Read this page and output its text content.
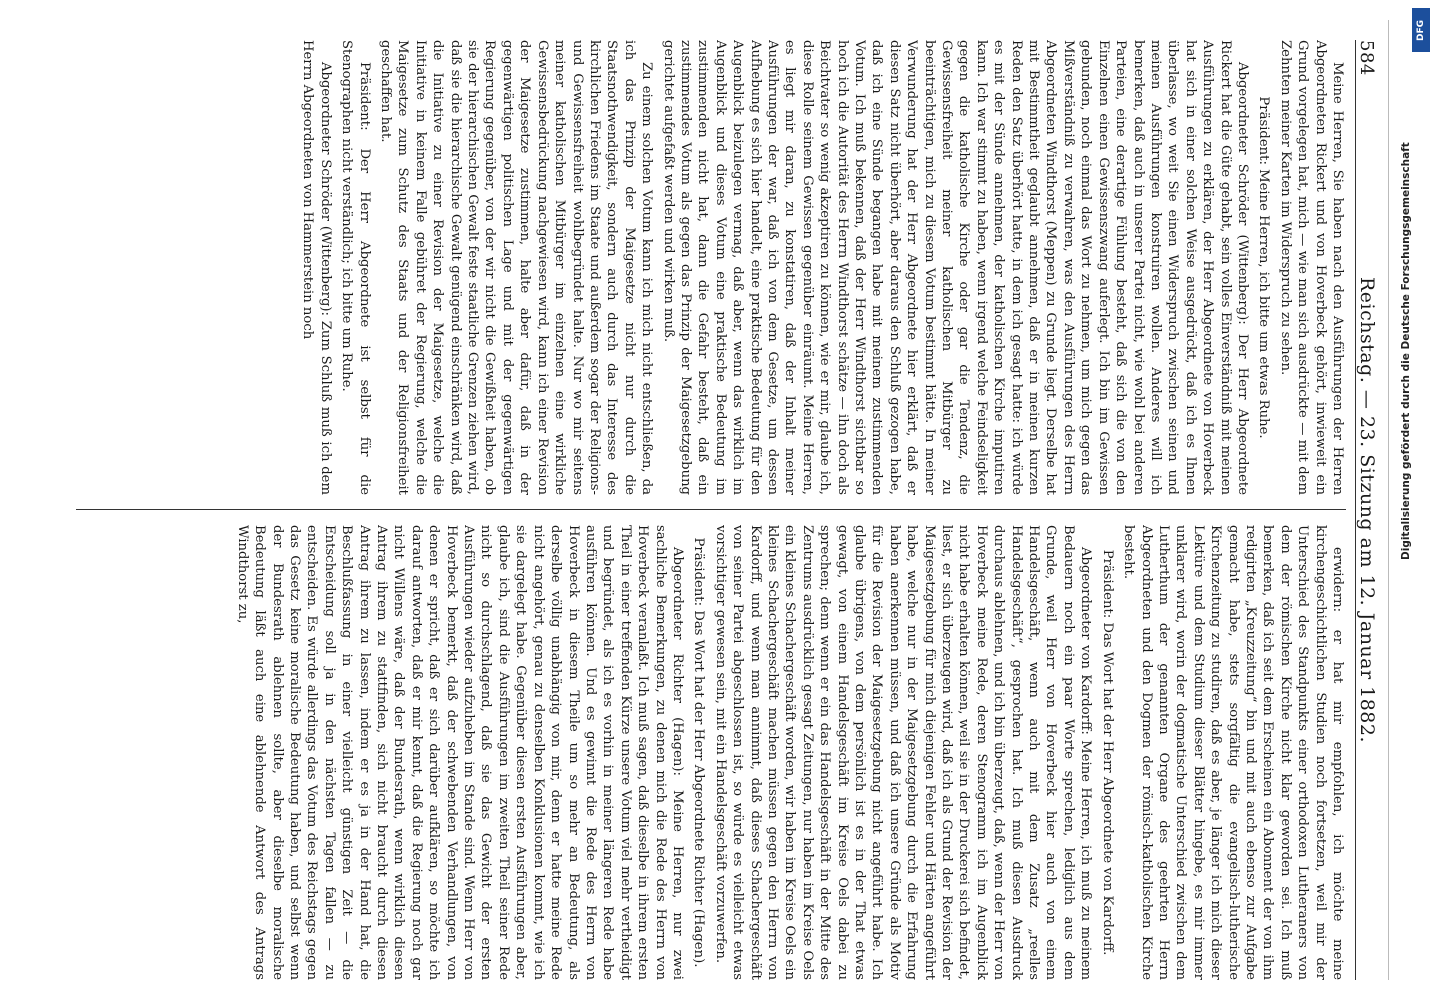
584
Reichstag. — 23. Sitzung am 12. Januar 1882.

Meine Herren, Sie haben nach den Ausführungen der Herren Abgeordneten Rickert und von Hoverbeck gehört, inwieweit ein Grund vorgelegen hat, mich — wie man sich ausdrückte — mit dem Zehnten meiner Karten im Widerspruch zu sehen.

Präsident: Meine Herren, ich bitte um etwas Ruhe.

Abgeordneter Schröder (Wittenberg): Der Herr Abgeordnete Rickert hat die Güte gehabt, sein volles Einverständniß mit meinen Ausführungen zu erklären, der Herr Abgeordnete von Hoverbeck hat sich in einer solchen Weise ausgedrückt, daß ich es Ihnen überlasse, wo weit Sie einen Widerspruch zwischen seinen und meinen Ausführungen konstruiren wollen. Anderes will ich bemerken, daß auch in unserer Partei nicht, wie wohl bei anderen Parteien, eine derartige Fühlung besteht, daß sich die von den Einzelnen einen Gewissenszwang auferlegt. Ich bin im Gewissen gebunden, noch einmal das Wort zu nehmen, um mich gegen das Mißverständniß zu verwahren, was den Ausführungen des Herrn Abgeordneten Windthorst (Meppen) zu Grunde liegt. Derselbe hat mit Bestimmtheit geglaubt annehmen, daß er in meinen kurzen Reden den Satz überhört hatte, in dem ich gesagt hatte: ich würde es mit der Sünde annehmen, der katholischen Kirche imputiren kann. Ich war stimmt zu haben, wenn irgend welche Feindseligkeit gegen die katholische Kirche oder gar die Tendenz, die Gewissensfreiheit meiner katholischen Mitbürger zu beeinträchtigen, mich zu diesem Votum bestimmt hätte. In meiner Verwunderung hat der Herr Abgeordnete hier erklärt, daß er diesen Satz nicht überhört, aber daraus den Schluß gezogen habe, daß ich eine Sünde begangen habe mit meinem zustimmenden Votum. Ich muß bekennen, daß der Herr Windthorst sichtbar so hoch ich die Autorität des Herrn Windthorst schätze — ihn doch als Beichtvater so wenig akzeptiren zu können, wie er mir, glaube ich, diese Rolle seinem Gewissen gegenüber einräumt. Meine Herren, es liegt mir daran, zu konstatiren, daß der Inhalt meiner Ausführungen der war, daß ich von dem Gesetze, um dessen Aufhebung es sich hier handelt, eine praktische Bedeutung für den Augenblick beizulegen vermag, daß aber, wenn das wirklich im Augenblick und dieses Votum eine praktische Bedeutung im zustimmenden nicht hat, dann die Gefahr besteht, daß ein zustimmendes Votum als gegen das Prinzip der Maigesetzgebung gerichtet aufgefaßt werden und wirken muß.

Zu einem solchen Votum kann ich mich nicht entschließen, da ich das Prinzip der Maigesetze nicht nur durch die Staatsnothwendigkeit, sondern auch durch das Interesse des kirchlichen Friedens im Staate und außerdem sogar der Religions- und Gewissensfreiheit wohlbegründet halte. Nur wo mir seitens meiner katholischen Mitbürger im einzelnen eine wirkliche Gewissensbedrückung nachgewiesen wird, kann ich einer Revision der Maigesetze zustimmen, halte aber dafür, daß in der gegenwärtigen politischen Lage und mit der gegenwärtigen Regierung gegenüber, von der wir nicht die Gewißheit haben, ob sie der hierarchischen Gewalt feste staatliche Grenzen ziehen wird, daß sie die hierarchische Gewalt genügend einschränken wird, daß die Initiative zu einer Revision der Maigesetze, welche die Initiative in keinem Falle gebühret der Regierung, welche die Maigesetze zum Schutz des Staats und der Religionsfreiheit geschaffen hat.

Präsident: Der Herr Abgeordnete ist selbst für die Stenographen nicht verständlich; ich bitte um Ruhe.

Abgeordneter Schröder (Wittenberg): Zum Schluß muß ich dem Herrn Abgeordneten von Hammerstein noch

erwidern: er hat mir empfohlen, ich möchte meine kirchengeschichtlichen Studien noch fortsetzen, weil mir der Unterschied des Standpunkts einer orthodoxen Lutheraners von dem der römischen Kirche nicht klar geworden sei. Ich muß bemerken, daß ich seit dem Erscheinen ein Abonnent der von ihm redigirten „Kreuzzeitung“ bin und mit auch ebenso zur Aufgabe gemacht habe, stets sorgfältig die evangelisch-lutherische Kirchenzeitung zu studiren, daß es aber, je länger ich mich dieser Lektüre und dem Studium dieser Blätter hingebe, es mir immer unklarer wird, worin der dogmatische Unterschied zwischen dem Lutherthum der genannten Organe des geehrten Herrn Abgeordneten und den Dogmen der römisch-katholischen Kirche besteht.

Präsident: Das Wort hat der Herr Abgeordnete von Kardorff.

Abgeordneter von Kardorff: Meine Herren, ich muß zu meinem Bedauern noch ein paar Worte sprechen, lediglich aus dem Grunde, weil Herr von Hoverbeck hier auch von einem Handelsgeschäft, wenn auch mit dem Zusatz „reelles Handelsgeschäft“, gesprochen hat. Ich muß diesen Ausdruck durchaus ablehnen, und ich bin überzeugt, daß, wenn der Herr von Hoverbeck meine Rede, deren Stenogramm ich im Augenblick nicht habe erhalten können, weil sie in der Druckerei sich befindet, liest, er sich überzeugen wird, daß ich als Grund der Revision der Maigesetzgebung für mich diejenigen Fehler und Härten angeführt habe, welche nur in der Maigesetzgebung durch die Erfahrung haben anerkennen müssen, und daß ich unsere Gründe als Motiv für die Revision der Maigesetzgebung nicht angeführt habe. Ich glaube übrigens, von dem persönlich ist es in der That etwas gewagt, von einem Handelsgeschäft im Kreise Oels dabei zu sprechen; denn wenn er ein das Handelsgeschäft in der Mitte des Zentrums ausdrücklich gesagt Zeitungen, nur haben im Kreise Oels ein kleines Schachergeschäft worden, wir haben im Kreise Oels ein kleines Schachergeschäft machen müssen gegen den Herrn von Kardorff, und wenn man annimmt, daß dieses Schachergeschäft von seiner Partei abgeschlossen ist, so würde es vielleicht etwas vorsichtiger gewesen sein, mit ein Handelsgeschäft vorzuwerfen.

Präsident: Das Wort hat der Herr Abgeordnete Richter (Hagen).

Abgeordneter Richter (Hagen): Meine Herren, nur zwei sachliche Bemerkungen, zu denen mich die Rede des Herrn von Hoverbeck veranlaßt. Ich muß sagen, daß dieselbe in ihrem ersten Theil in einer treffenden Kürze unsere Votum viel mehr vertheidigt und begründet, als ich es vorhin in meiner längeren Rede habe ausführen können. Und es gewinnt die Rede des Herrn von Hoverbeck in diesem Theile um so mehr an Bedeutung, als derselbe völlig unabhängig von mir, denn er hatte meine Rede nicht angehört, genau zu denselben Konklusionen kommt, wie ich sie dargelegt habe. Gegenüber diesen ersten Ausführungen aber, glaube ich, sind die Ausführungen im zweiten Theil seiner Rede nicht so durchschlagend, daß sie das Gewicht der ersten Ausführungen wieder aufzuheben im Stande sind. Wenn Herr von Hoverbeck bemerkt, daß der schwebenden Verhandlungen, von denen er spricht, daß er sich darüber aufklären, so möchte ich darauf antworten, daß er mir kennt, daß die Regierung noch gar nicht Willens wäre, daß der Bundesrath, wenn wirklich diesen Antrag ihrem zu stattfinden, sich nicht braucht durch diesen Antrag ihrem zu lassen, indem er es ja in der Hand hat, die Beschlußfassung in einer vielleicht günstigen Zeit — die Entscheidung soll ja in den nächsten Tagen fallen — zu entscheiden. Es würde allerdings das Votum des Reichstags gegen das Gesetz keine moralische Bedeutung haben, und selbst wenn der Bundesrath ablehnen sollte, aber dieselbe moralische Bedeutung läßt auch eine ablehnende Antwort des Antrags Windthorst zu,

Digitalisierung gefördert durch die Deutsche Forschungsgemeinschaft
DFG
